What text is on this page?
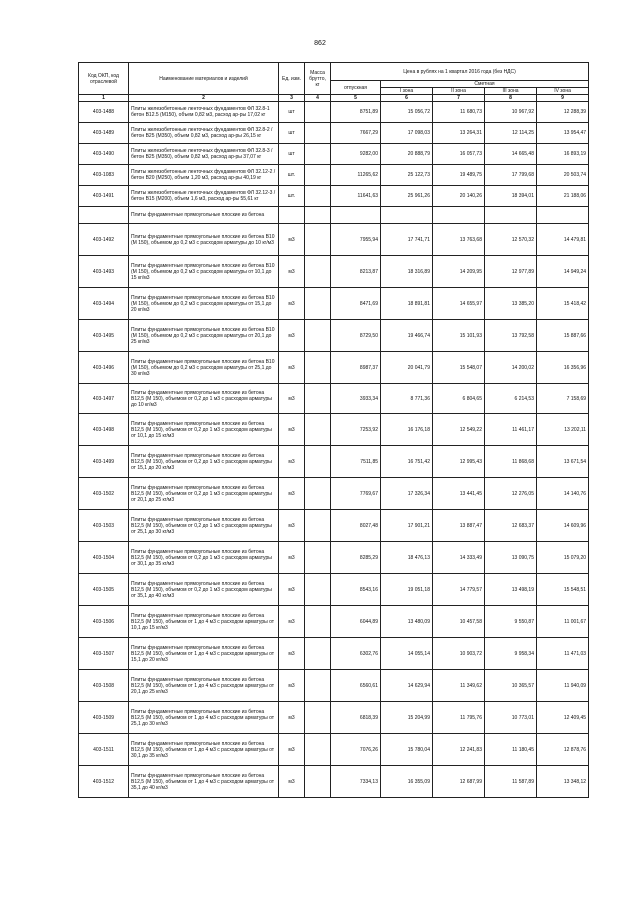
862
Код ОКП, код отраслевой	Наименование материалов и изделий	Ед. изм.	Масса брутто, кг	Цена в рублях на 1 квартал 2016 года (без НДС)				
				отпускная	Сметная			
					I зона	II зона	III зона	IV зона
1	2	3	4	5	6	7	8	9
403-1488	Плиты железобетонные ленточных фундаментов ФЛ 32.8-1 бетон В12.5 (М150), объем 0,82 м3, расход ар-ры 17,02 кг	шт		8751,89	15 056,72	11 680,73	10 967,92	12 288,39
403-1489	Плиты железобетонные ленточных фундаментов ФЛ 32.8-2 /бетон В25 (М350), объем 0,82 м3, расход ар-ры 26,15 кг	шт		7667,29	17 098,03	13 264,31	12 114,25	13 954,47
403-1490	Плиты железобетонные ленточных фундаментов ФЛ 32.8-3 /бетон В25 (М350), объем 0,82 м3, расход ар-ры 37,07 кг	шт		9282,00	20 888,79	16 057,73	14 665,48	16 893,19
403-1083	Плиты железобетонные ленточных фундаментов ФЛ 32.12-2 /бетон В20 (М250), объем 1,20 м3, расход ар-ры 40,19 кг	шт.		11265,62	25 122,73	19 489,75	17 799,68	20 503,74
403-1491	Плиты железобетонные ленточных фундаментов ФЛ 32.12-3 /бетон В15 (М200), объем 1,6 м3, расход ар-ры 55,61 кг	шт.		11641,63	25 961,26	20 140,26	18 394,01	21 188,06
	Плиты фундаментные прямоугольные плоские из бетона							
403-1492	Плиты фундаментные прямоугольные плоские из бетона В10 (М 150), объемом до 0,2 м3 с расходом арматуры до 10 кг/м3	м3		7955,94	17 741,71	13 763,68	12 570,32	14 479,81
403-1493	Плиты фундаментные прямоугольные плоские из бетона В10 (М 150), объемом до 0,2 м3 с расходом арматуры от 10,1 до 15 кг/м3	м3		8213,87	18 316,89	14 209,95	12 977,89	14 949,24
403-1494	Плиты фундаментные прямоугольные плоские из бетона В10 (М 150), объемом до 0,2 м3 с расходом арматуры от 15,1 до 20 кг/м3	м3		8471,69	18 891,81	14 655,97	13 385,20	15 418,42
403-1495	Плиты фундаментные прямоугольные плоские из бетона В10 (М 150), объемом до 0,2 м3 с расходом арматуры от 20,1 до 25 кг/м3	м3		8729,50	19 466,74	15 101,93	13 792,58	15 887,66
403-1496	Плиты фундаментные прямоугольные плоские из бетона В10 (М 150), объемом до 0,2 м3 с расходом арматуры от 25,1 до 30 кг/м3	м3		8987,37	20 041,79	15 548,07	14 200,02	16 356,96
403-1497	Плиты фундаментные прямоугольные плоские из бетона В12,5 (М 150), объемом от 0,2 до 1 м3 с расходом арматуры до 10 кг/м3	м3		3933,34	8 771,36	6 804,65	6 214,53	7 158,69
403-1498	Плиты фундаментные прямоугольные плоские из бетона В12,5 (М 150), объемом от 0,2 до 1 м3 с расходом арматуры от 10,1 до 15 кг/м3	м3		7253,92	16 176,18	12 549,22	11 461,17	13 202,11
403-1499	Плиты фундаментные прямоугольные плоские из бетона В12,5 (М 150), объемом от 0,2 до 1 м3 с расходом арматуры от 15,1 до 20 кг/м3	м3		7511,85	16 751,42	12 995,43	11 868,68	13 671,54
403-1502	Плиты фундаментные прямоугольные плоские из бетона В12,5 (М 150), объемом от 0,2 до 1 м3 с расходом арматуры от 20,1 до 25 кг/м3	м3		7769,67	17 326,34	13 441,45	12 276,05	14 140,76
403-1503	Плиты фундаментные прямоугольные плоские из бетона В12,5 (М 150), объемом от 0,2 до 1 м3 с расходом арматуры от 25,1 до 30 кг/м3	м3		8027,48	17 901,21	13 887,47	12 683,37	14 609,96
403-1504	Плиты фундаментные прямоугольные плоские из бетона В12,5 (М 150), объемом от 0,2 до 1 м3 с расходом арматуры от 30,1 до 35 кг/м3	м3		8285,29	18 476,13	14 333,49	13 090,75	15 079,20
403-1505	Плиты фундаментные прямоугольные плоские из бетона В12,5 (М 150), объемом от 0,2 до 1 м3 с расходом арматуры от 35,1 до 40 кг/м3	м3		8543,16	19 051,18	14 779,57	13 498,19	15 548,51
403-1506	Плиты фундаментные прямоугольные плоские из бетона В12,5 (М 150), объемом от 1 до 4 м3 с расходом арматуры от 10,1 до 15 кг/м3	м3		6044,89	13 480,09	10 457,58	9 550,87	11 001,67
403-1507	Плиты фундаментные прямоугольные плоские из бетона В12,5 (М 150), объемом от 1 до 4 м3 с расходом арматуры от 15,1 до 20 кг/м3	м3		6302,76	14 055,14	10 903,72	9 958,34	11 471,03
403-1508	Плиты фундаментные прямоугольные плоские из бетона В12,5 (М 150), объемом от 1 до 4 м3 с расходом арматуры от 20,1 до 25 кг/м3	м3		6560,61	14 629,94	11 349,62	10 365,57	11 940,09
403-1509	Плиты фундаментные прямоугольные плоские из бетона В12,5 (М 150), объемом от 1 до 4 м3 с расходом арматуры от 25,1 до 30 кг/м3	м3		6818,39	15 204,99	11 795,76	10 773,01	12 409,45
403-1511	Плиты фундаментные прямоугольные плоские из бетона В12,5 (М 150), объемом от 1 до 4 м3 с расходом арматуры от 30,1 до 35 кг/м3	м3		7076,26	15 780,04	12 241,83	11 180,45	12 878,76
403-1512	Плиты фундаментные прямоугольные плоские из бетона В12,5 (М 150), объемом от 1 до 4 м3 с расходом арматуры от 35,1 до 40 кг/м3	м3		7334,13	16 355,09	12 687,99	11 587,89	13 348,12
